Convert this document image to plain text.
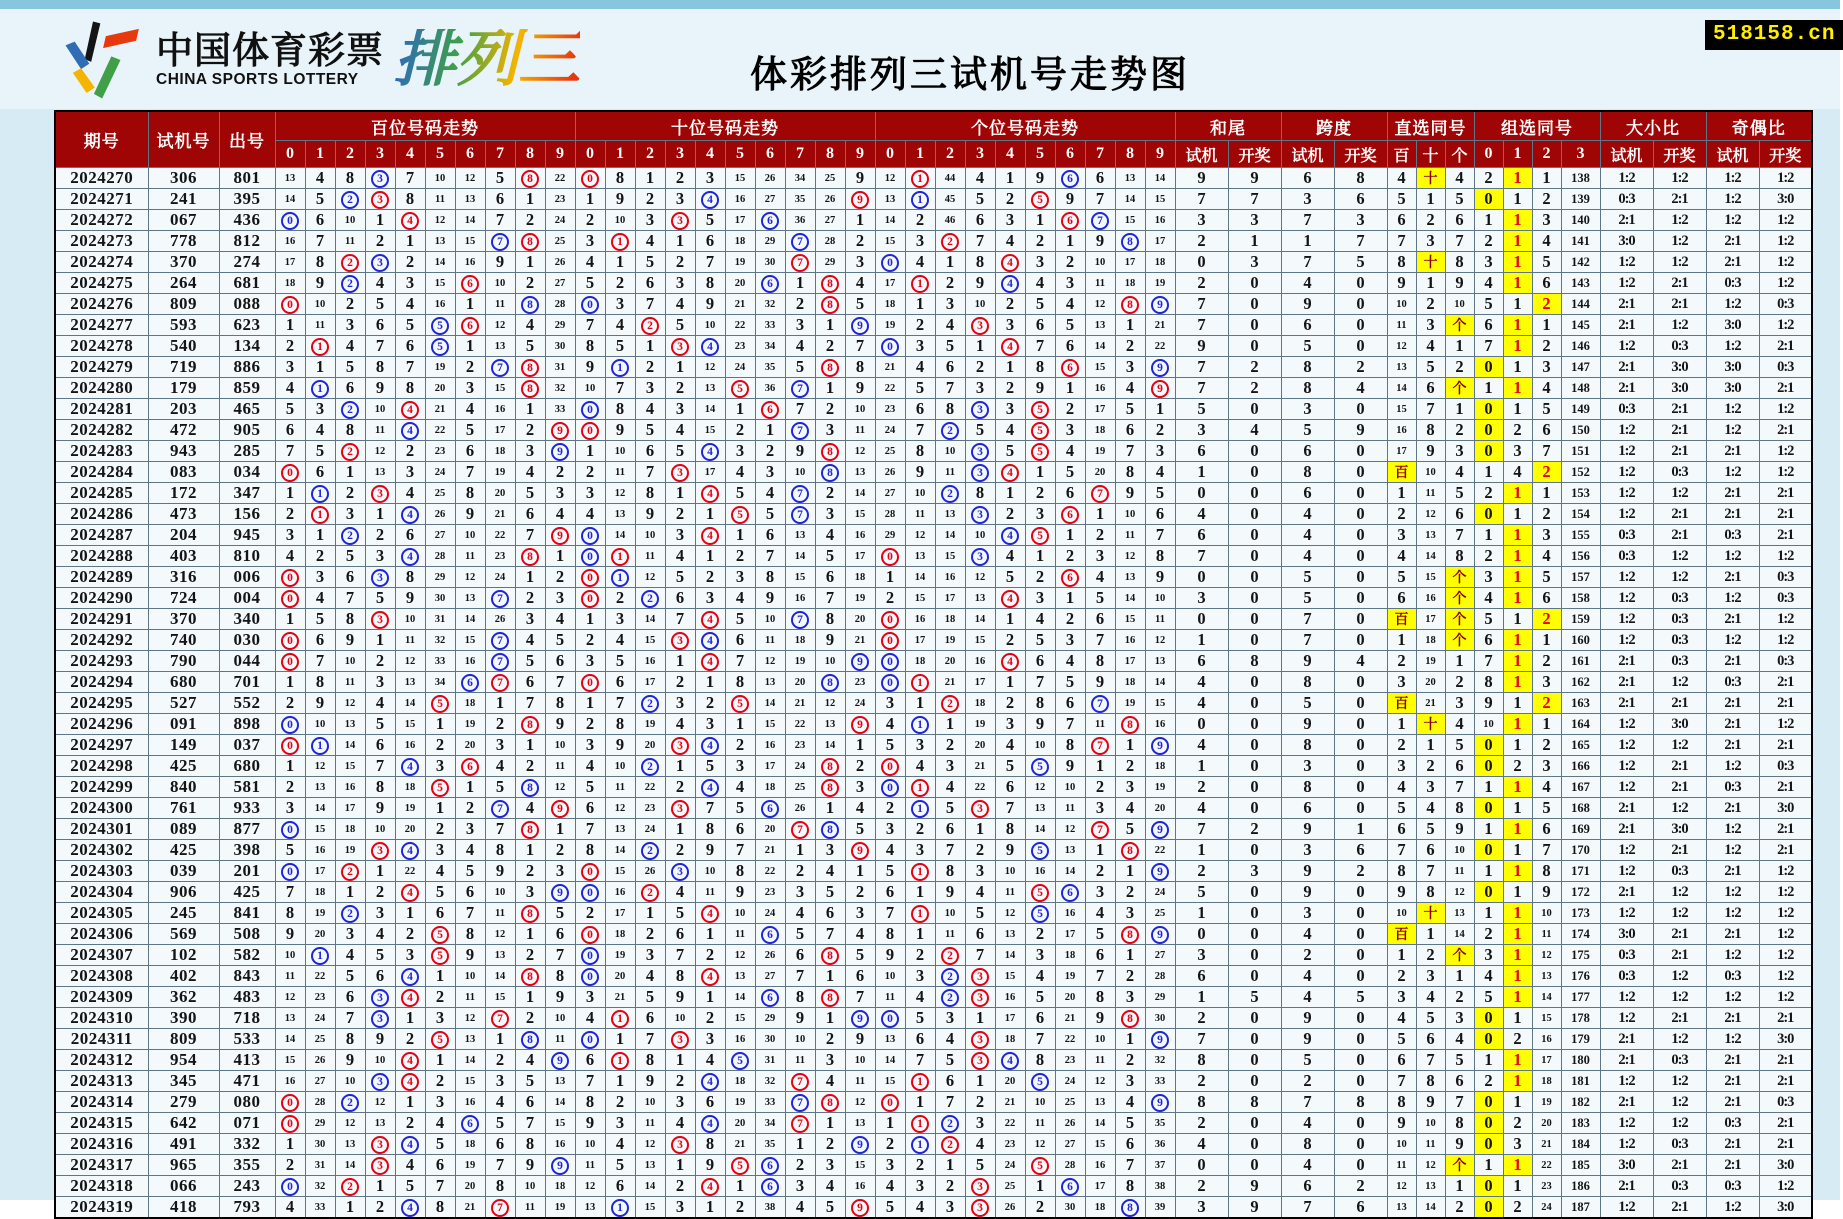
中国体育彩票
CHINA SPORTS LOTTERY 排列三	体彩排列三试机号走势图
518158.cn
期号	试机号	出号	百位号码走势										十位号码走势										个位号码走势										和尾		跨度		直选同号			组选同号				大小比		奇偶比	
			0	1	2	3	4	5	6	7	8	9	0	1	2	3	4	5	6	7	8	9	0	1	2	3	4	5	6	7	8	9	试机	开奖	试机	开奖	百	十	个	0	1	2	3	试机	开奖	试机	开奖
2024270	306	801	13	4	8	3	7	10	12	5	8	22	0	8	1	2	3	15	26	34	25	9	12	1	44	4	1	9	6	6	13	14	9	9	6	8	4	十	4	2	1	1	138	1:2	1:2	1:2	1:2
2024271	241	395	14	5	2	3	8	11	13	6	1	23	1	9	2	3	4	16	27	35	26	9	13	1	45	5	2	5	9	7	14	15	7	7	3	6	5	1	5	0	1	2	139	0:3	2:1	1:2	3:0
2024272	067	436	0	6	10	1	4	12	14	7	2	24	2	10	3	3	5	17	6	36	27	1	14	2	46	6	3	1	6	7	15	16	3	3	7	3	6	2	6	1	1	3	140	2:1	1:2	1:2	1:2
2024273	778	812	16	7	11	2	1	13	15	7	8	25	3	1	4	1	6	18	29	7	28	2	15	3	2	7	4	2	1	9	8	17	2	1	1	7	7	3	7	2	1	4	141	3:0	1:2	2:1	1:2
2024274	370	274	17	8	2	3	2	14	16	9	1	26	4	1	5	2	7	19	30	7	29	3	0	4	1	8	4	3	2	10	17	18	0	3	7	5	8	十	8	3	1	5	142	1:2	1:2	2:1	1:2
2024275	264	681	18	9	2	4	3	15	6	10	2	27	5	2	6	3	8	20	6	1	8	4	17	1	2	9	4	4	3	11	18	19	2	0	4	0	9	1	9	4	1	6	143	1:2	2:1	0:3	1:2
2024276	809	088	0	10	2	5	4	16	1	11	8	28	0	3	7	4	9	21	32	2	8	5	18	1	3	10	2	5	4	12	8	9	7	0	9	0	10	2	10	5	1	2	144	2:1	2:1	1:2	0:3
2024277	593	623	1	11	3	6	5	5	6	12	4	29	7	4	2	5	10	22	33	3	1	9	19	2	4	3	3	6	5	13	1	21	7	0	6	0	11	3	个	6	1	1	145	2:1	1:2	3:0	1:2
2024278	540	134	2	1	4	7	6	5	1	13	5	30	8	5	1	3	4	23	34	4	2	7	0	3	5	1	4	7	6	14	2	22	9	0	5	0	12	4	1	7	1	2	146	1:2	0:3	1:2	2:1
2024279	719	886	3	1	5	8	7	19	2	7	8	31	9	1	2	1	12	24	35	5	8	8	21	4	6	2	1	8	6	15	3	9	7	2	8	2	13	5	2	0	1	3	147	2:1	3:0	3:0	0:3
2024280	179	859	4	1	6	9	8	20	3	15	8	32	10	7	3	2	13	5	36	7	1	9	22	5	7	3	2	9	1	16	4	9	7	2	8	4	14	6	个	1	1	4	148	2:1	3:0	3:0	2:1
2024281	203	465	5	3	2	10	4	21	4	16	1	33	0	8	4	3	14	1	6	7	2	10	23	6	8	3	3	5	2	17	5	1	5	0	3	0	15	7	1	0	1	5	149	0:3	2:1	1:2	1:2
2024282	472	905	6	4	8	11	4	22	5	17	2	9	0	9	5	4	15	2	1	7	3	11	24	7	2	5	4	5	3	18	6	2	3	4	5	9	16	8	2	0	2	6	150	1:2	2:1	1:2	2:1
2024283	943	285	7	5	2	12	2	23	6	18	3	9	1	10	6	5	4	3	2	9	8	12	25	8	10	3	5	5	4	19	7	3	6	0	6	0	17	9	3	0	3	7	151	1:2	2:1	2:1	1:2
2024284	083	034	0	6	1	13	3	24	7	19	4	2	2	11	7	3	17	4	3	10	8	13	26	9	11	3	4	1	5	20	8	4	1	0	8	0	百	10	4	1	4	2	152	1:2	0:3	1:2	1:2
2024285	172	347	1	1	2	3	4	25	8	20	5	3	3	12	8	1	4	5	4	7	2	14	27	10	2	8	1	2	6	7	9	5	0	0	6	0	1	11	5	2	1	1	153	1:2	1:2	2:1	2:1
2024286	473	156	2	1	3	1	4	26	9	21	6	4	4	13	9	2	1	5	5	7	3	15	28	11	13	3	2	3	6	1	10	6	4	0	4	0	2	12	6	0	1	2	154	1:2	2:1	2:1	2:1
2024287	204	945	3	1	2	2	6	27	10	22	7	9	0	14	10	3	4	1	6	13	4	16	29	12	14	10	4	5	1	2	11	7	6	0	4	0	3	13	7	1	1	3	155	0:3	2:1	0:3	2:1
2024288	403	810	4	2	5	3	4	28	11	23	8	1	0	1	11	4	1	2	7	14	5	17	0	13	15	3	4	1	2	3	12	8	7	0	4	0	4	14	8	2	1	4	156	0:3	1:2	1:2	1:2
2024289	316	006	0	3	6	3	8	29	12	24	1	2	0	1	12	5	2	3	8	15	6	18	1	14	16	12	5	2	6	4	13	9	0	0	5	0	5	15	个	3	1	5	157	1:2	1:2	2:1	0:3
2024290	724	004	0	4	7	5	9	30	13	7	2	3	0	2	2	6	3	4	9	16	7	19	2	15	17	13	4	3	1	5	14	10	3	0	5	0	6	16	个	4	1	6	158	1:2	0:3	1:2	0:3
2024291	370	340	1	5	8	3	10	31	14	26	3	4	1	3	14	7	4	5	10	7	8	20	0	16	18	14	1	4	2	6	15	11	0	0	7	0	百	17	个	5	1	2	159	1:2	0:3	2:1	1:2
2024292	740	030	0	6	9	1	11	32	15	7	4	5	2	4	15	3	4	6	11	18	9	21	0	17	19	15	2	5	3	7	16	12	1	0	7	0	1	18	个	6	1	1	160	1:2	0:3	1:2	1:2
2024293	790	044	0	7	10	2	12	33	16	7	5	6	3	5	16	1	4	7	12	19	10	9	0	18	20	16	4	6	4	8	17	13	6	8	9	4	2	19	1	7	1	2	161	2:1	0:3	2:1	0:3
2024294	680	701	1	8	11	3	13	34	6	7	6	7	0	6	17	2	1	8	13	20	8	23	0	1	21	17	1	7	5	9	18	14	4	0	8	0	3	20	2	8	1	3	162	2:1	1:2	0:3	2:1
2024295	527	552	2	9	12	4	14	5	18	1	7	8	1	7	2	3	2	5	14	21	12	24	3	1	2	18	2	8	6	7	19	15	4	0	5	0	百	21	3	9	1	2	163	2:1	2:1	2:1	2:1
2024296	091	898	0	10	13	5	15	1	19	2	8	9	2	8	19	4	3	1	15	22	13	9	4	1	1	19	3	9	7	11	8	16	0	0	9	0	1	十	4	10	1	1	164	1:2	3:0	2:1	1:2
2024297	149	037	0	1	14	6	16	2	20	3	1	10	3	9	20	3	4	2	16	23	14	1	5	3	2	20	4	10	8	7	1	9	4	0	8	0	2	1	5	0	1	2	165	1:2	1:2	2:1	2:1
2024298	425	680	1	12	15	7	4	3	6	4	2	11	4	10	2	1	5	3	17	24	8	2	0	4	3	21	5	5	9	1	2	18	1	0	3	0	3	2	6	0	2	3	166	1:2	2:1	1:2	0:3
2024299	840	581	2	13	16	8	18	5	1	5	8	12	5	11	22	2	4	4	18	25	8	3	0	1	4	22	6	12	10	2	3	19	2	0	8	0	4	3	7	1	1	4	167	1:2	2:1	0:3	2:1
2024300	761	933	3	14	17	9	19	1	2	7	4	9	6	12	23	3	7	5	6	26	1	4	2	1	5	3	7	13	11	3	4	20	4	0	6	0	5	4	8	0	1	5	168	2:1	1:2	2:1	3:0
2024301	089	877	0	15	18	10	20	2	3	7	8	1	7	13	24	1	8	6	20	7	8	5	3	2	6	1	8	14	12	7	5	9	7	2	9	1	6	5	9	1	1	6	169	2:1	3:0	1:2	2:1
2024302	425	398	5	16	19	3	4	3	4	8	1	2	8	14	2	2	9	7	21	1	3	9	4	3	7	2	9	5	13	1	8	22	1	0	3	6	7	6	10	0	1	7	170	1:2	2:1	1:2	2:1
2024303	039	201	0	17	2	1	22	4	5	9	2	3	0	15	26	3	10	8	22	2	4	1	5	1	8	3	10	16	14	2	1	9	2	3	9	2	8	7	11	1	1	8	171	1:2	0:3	2:1	1:2
2024304	906	425	7	18	1	2	4	5	6	10	3	9	0	16	2	4	11	9	23	3	5	2	6	1	9	4	11	5	6	3	2	24	5	0	9	0	9	8	12	0	1	9	172	2:1	1:2	1:2	1:2
2024305	245	841	8	19	2	3	1	6	7	11	8	5	2	17	1	5	4	10	24	4	6	3	7	1	10	5	12	5	16	4	3	25	1	0	3	0	10	十	13	1	1	10	173	1:2	1:2	1:2	1:2
2024306	569	508	9	20	3	4	2	5	8	12	1	6	0	18	2	6	1	11	6	5	7	4	8	1	11	6	13	2	17	5	8	9	0	0	4	0	百	1	14	2	1	11	174	3:0	2:1	2:1	1:2
2024307	102	582	10	1	4	5	3	5	9	13	2	7	0	19	3	7	2	12	26	6	8	5	9	2	2	7	14	3	18	6	1	27	3	0	2	0	1	2	个	3	1	12	175	0:3	2:1	1:2	1:2
2024308	402	843	11	22	5	6	4	1	10	14	8	8	0	20	4	8	4	13	27	7	1	6	10	3	2	3	15	4	19	7	2	28	6	0	4	0	2	3	1	4	1	13	176	0:3	1:2	0:3	1:2
2024309	362	483	12	23	6	3	4	2	11	15	1	9	3	21	5	9	1	14	6	8	8	7	11	4	2	3	16	5	20	8	3	29	1	5	4	5	3	4	2	5	1	14	177	1:2	1:2	1:2	1:2
2024310	390	718	13	24	7	3	1	3	12	7	2	10	4	1	6	10	2	15	29	9	1	9	0	5	3	1	17	6	21	9	8	30	2	0	9	0	4	5	3	0	1	15	178	1:2	2:1	2:1	2:1
2024311	809	533	14	25	8	9	2	5	13	1	8	11	0	1	7	3	3	16	30	10	2	9	13	6	4	3	18	7	22	10	1	9	7	0	9	0	5	6	4	0	2	16	179	2:1	1:2	1:2	3:0
2024312	954	413	15	26	9	10	4	1	14	2	4	9	6	1	8	1	4	5	31	11	3	10	14	7	5	3	4	8	23	11	2	32	8	0	5	0	6	7	5	1	1	17	180	2:1	0:3	2:1	2:1
2024313	345	471	16	27	10	3	4	2	15	3	5	13	7	1	9	2	4	18	32	7	4	11	15	1	6	1	20	5	24	12	3	33	2	0	2	0	7	8	6	2	1	18	181	1:2	1:2	2:1	2:1
2024314	279	080	0	28	2	12	1	3	16	4	6	14	8	2	10	3	6	19	33	7	8	12	0	1	7	2	21	10	25	13	4	9	8	8	7	8	8	9	7	0	1	19	182	2:1	1:2	2:1	0:3
2024315	642	071	0	29	12	13	2	4	6	5	7	15	9	3	11	4	4	20	34	7	1	13	1	1	2	3	22	11	26	14	5	35	2	0	4	0	9	10	8	0	2	20	183	1:2	1:2	0:3	2:1
2024316	491	332	1	30	13	3	4	5	18	6	8	16	10	4	12	3	8	21	35	1	2	9	2	1	2	4	23	12	27	15	6	36	4	0	8	0	10	11	9	0	3	21	184	1:2	0:3	2:1	2:1
2024317	965	355	2	31	14	3	4	6	19	7	9	9	11	5	13	1	9	5	6	2	3	15	3	2	1	5	24	5	28	16	7	37	0	0	4	0	11	12	个	1	1	22	185	3:0	2:1	2:1	3:0
2024318	066	243	0	32	2	1	5	7	20	8	10	18	12	6	14	2	4	1	6	3	4	16	4	3	2	3	25	1	6	17	8	38	2	9	6	2	12	13	1	0	1	23	186	2:1	0:3	0:3	1:2
2024319	418	793	4	33	1	2	4	8	21	7	11	19	13	1	15	3	1	2	38	4	5	9	5	4	3	3	26	2	30	18	8	39	3	9	7	6	13	14	2	0	2	24	187	1:2	2:1	1:2	3:0
